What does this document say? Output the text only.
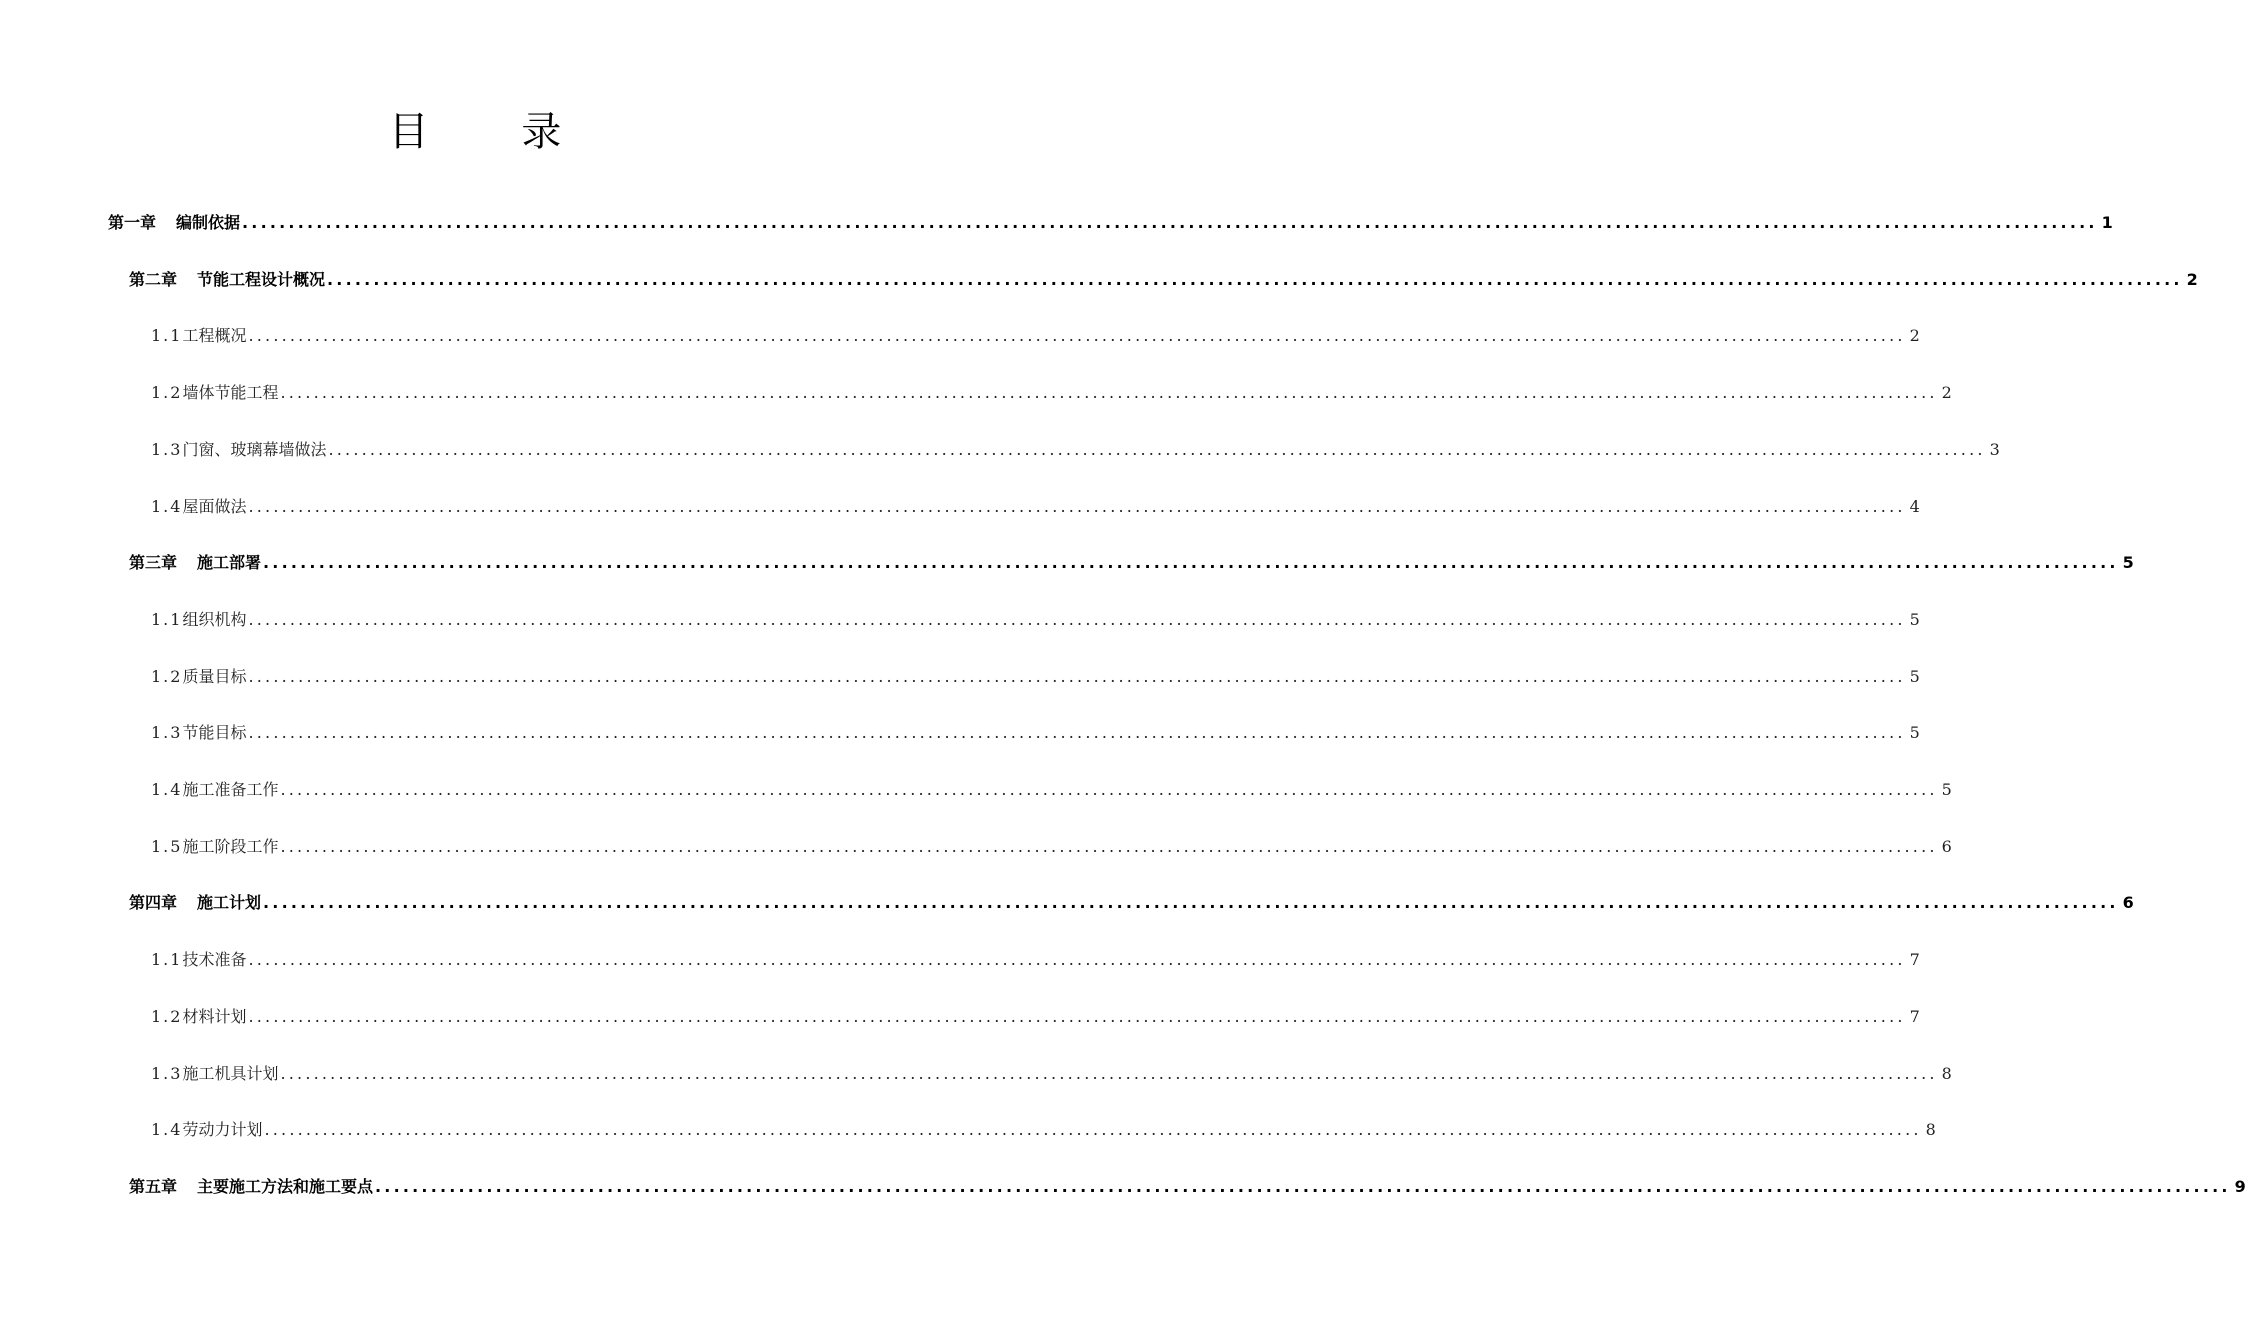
目 录
第一章 编制依据 ........................................................................................................................................................................................................ 1
第二章 节能工程设计概况 ........................................................................................................................................................................................................ 2
1.1工程概况 ........................................................................................................................................................................................................ 2
1.2墙体节能工程 ........................................................................................................................................................................................................ 2
1.3门窗、玻璃幕墙做法 ........................................................................................................................................................................................................ 3
1.4屋面做法 ........................................................................................................................................................................................................ 4
第三章 施工部署 ........................................................................................................................................................................................................ 5
1.1组织机构 ........................................................................................................................................................................................................ 5
1.2质量目标 ........................................................................................................................................................................................................ 5
1.3节能目标 ........................................................................................................................................................................................................ 5
1.4施工准备工作 ........................................................................................................................................................................................................ 5
1.5施工阶段工作 ........................................................................................................................................................................................................ 6
第四章 施工计划 ........................................................................................................................................................................................................ 6
1.1技术准备 ........................................................................................................................................................................................................ 7
1.2材料计划 ........................................................................................................................................................................................................ 7
1.3施工机具计划 ........................................................................................................................................................................................................ 8
1.4劳动力计划 ........................................................................................................................................................................................................ 8
第五章 主要施工方法和施工要点 ........................................................................................................................................................................................................ 9
